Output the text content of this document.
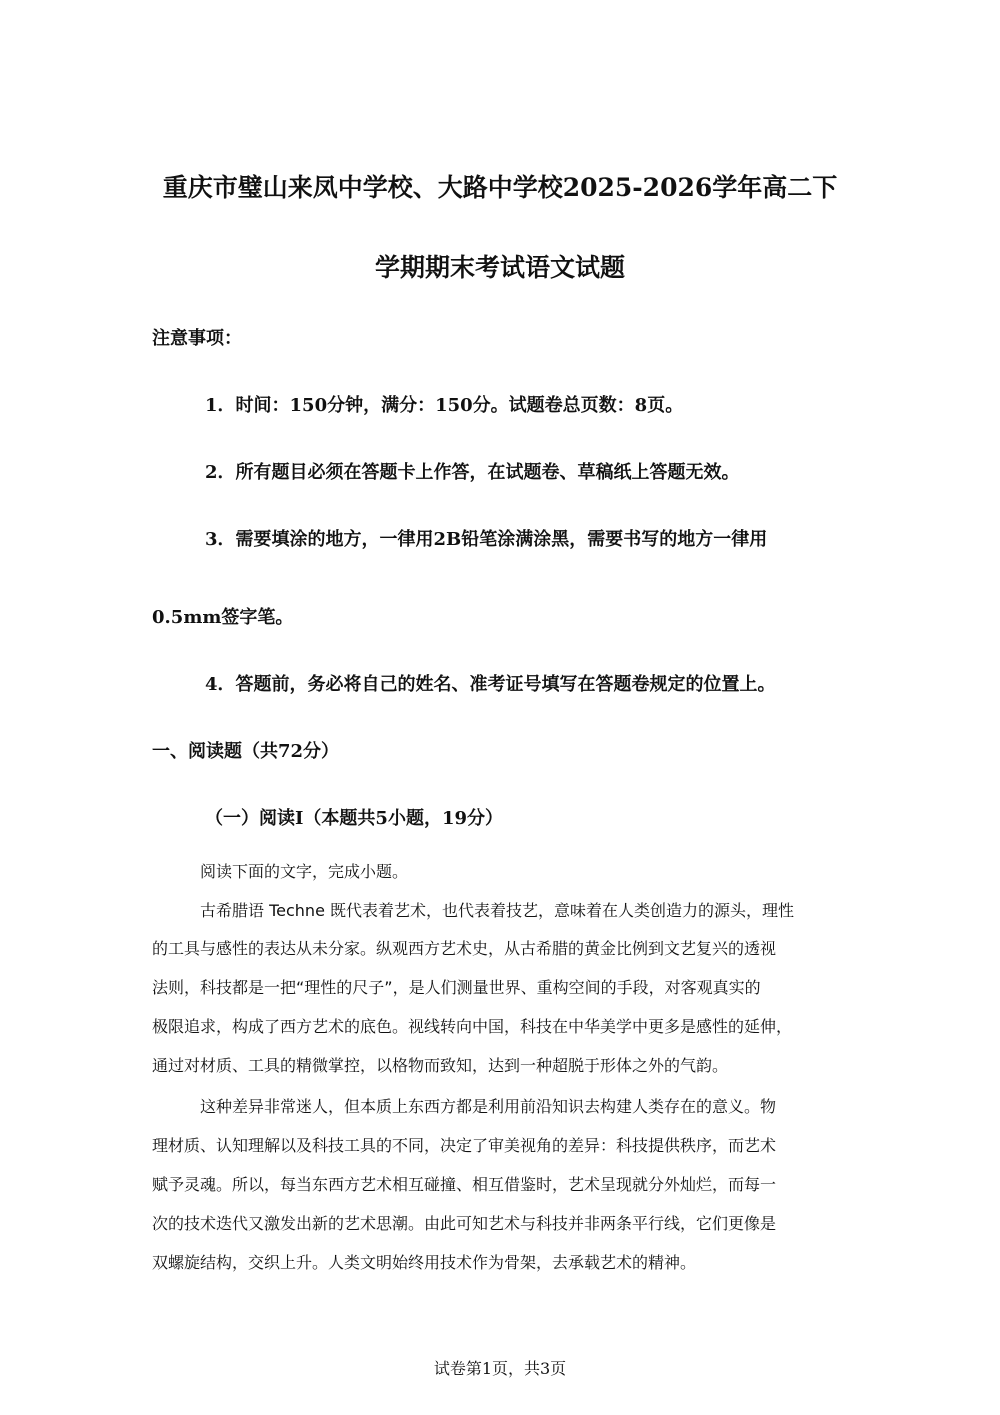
重庆市璧山来凤中学校、大路中学校2025-2026学年高二下
学期期末考试语文试题
注意事项：
1．时间：150分钟，满分：150分。试题卷总页数：8页。
2．所有题目必须在答题卡上作答，在试题卷、草稿纸上答题无效。
3．需要填涂的地方，一律用2B铅笔涂满涂黑，需要书写的地方一律用
0.5mm签字笔。
4．答题前，务必将自己的姓名、准考证号填写在答题卷规定的位置上。
一、阅读题（共72分）
（一）阅读I（本题共5小题，19分）
阅读下面的文字，完成小题。
古希腊语 Techne 既代表着艺术，也代表着技艺，意味着在人类创造力的源头，理性
的工具与感性的表达从未分家。纵观西方艺术史，从古希腊的黄金比例到文艺复兴的透视
法则，科技都是一把“理性的尺子”，是人们测量世界、重构空间的手段，对客观真实的
极限追求，构成了西方艺术的底色。视线转向中国，科技在中华美学中更多是感性的延伸，
通过对材质、工具的精微掌控，以格物而致知，达到一种超脱于形体之外的气韵。
这种差异非常迷人，但本质上东西方都是利用前沿知识去构建人类存在的意义。物
理材质、认知理解以及科技工具的不同，决定了审美视角的差异：科技提供秩序，而艺术
赋予灵魂。所以，每当东西方艺术相互碰撞、相互借鉴时，艺术呈现就分外灿烂，而每一
次的技术迭代又激发出新的艺术思潮。由此可知艺术与科技并非两条平行线，它们更像是
双螺旋结构，交织上升。人类文明始终用技术作为骨架，去承载艺术的精神。
试卷第1页，共3页
